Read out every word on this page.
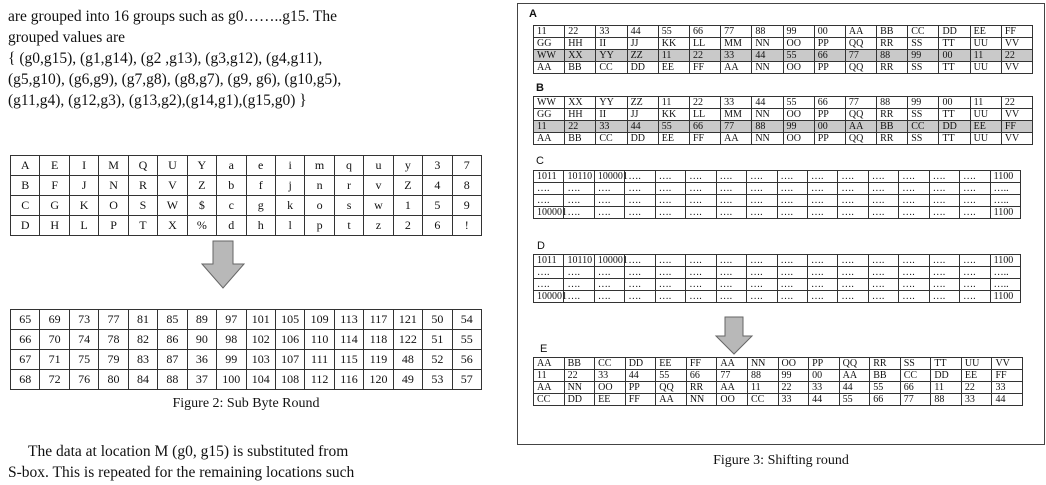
are grouped into 16 groups such as g0……..g15. The
grouped values are
{ (g0,g15), (g1,g14), (g2 ,g13), (g3,g12), (g4,g11),
(g5,g10), (g6,g9), (g7,g8), (g8,g7), (g9, g6), (g10,g5),
(g11,g4), (g12,g3), (g13,g2),(g14,g1),(g15,g0) }
A	E	I	M	Q	U	Y	a	e	i	m	q	u	y	3	7
B	F	J	N	R	V	Z	b	f	j	n	r	v	Z	4	8
C	G	K	O	S	W	$	c	g	k	o	s	w	1	5	9
D	H	L	P	T	X	%	d	h	l	p	t	z	2	6	!
65	69	73	77	81	85	89	97	101	105	109	113	117	121	50	54
66	70	74	78	82	86	90	98	102	106	110	114	118	122	51	55
67	71	75	79	83	87	36	99	103	107	111	115	119	48	52	56
68	72	76	80	84	88	37	100	104	108	112	116	120	49	53	57
Figure 2: Sub Byte Round
The data at location M (g0, g15) is substituted from
S-box. This is repeated for the remaining locations such
A
11	22	33	44	55	66	77	88	99	00	AA	BB	CC	DD	EE	FF
GG	HH	II	JJ	KK	LL	MM	NN	OO	PP	QQ	RR	SS	TT	UU	VV
WW	XX	YY	ZZ	11	22	33	44	55	66	77	88	99	00	11	22
AA	BB	CC	DD	EE	FF	AA	NN	OO	PP	QQ	RR	SS	TT	UU	VV
B
WW	XX	YY	ZZ	11	22	33	44	55	66	77	88	99	00	11	22
GG	HH	II	JJ	KK	LL	MM	NN	OO	PP	QQ	RR	SS	TT	UU	VV
11	22	33	44	55	66	77	88	99	00	AA	BB	CC	DD	EE	FF
AA	BB	CC	DD	EE	FF	AA	NN	OO	PP	QQ	RR	SS	TT	UU	VV
C
1011	10110	100001	….	….	….	….	….	….	….	….	….	….	….	….	1100
….	….	….	….	….	….	….	….	….	….	….	….	….	….	….	…..
….	….	….	….	….	….	….	….	….	….	….	….	….	….	….	…..
100001	….	….	….	….	….	….	….	….	….	….	….	….	….	….	1100
D
1011	10110	100001	….	….	….	….	….	….	….	….	….	….	….	….	1100
….	….	….	….	….	….	….	….	….	….	….	….	….	….	….	…..
….	….	….	….	….	….	….	….	….	….	….	….	….	….	….	…..
100001	….	….	….	….	….	….	….	….	….	….	….	….	….	….	1100
E
AA	BB	CC	DD	EE	FF	AA	NN	OO	PP	QQ	RR	SS	TT	UU	VV
11	22	33	44	55	66	77	88	99	00	AA	BB	CC	DD	EE	FF
AA	NN	OO	PP	QQ	RR	AA	11	22	33	44	55	66	11	22	33
CC	DD	EE	FF	AA	NN	OO	CC	33	44	55	66	77	88	33	44
Figure 3: Shifting round
